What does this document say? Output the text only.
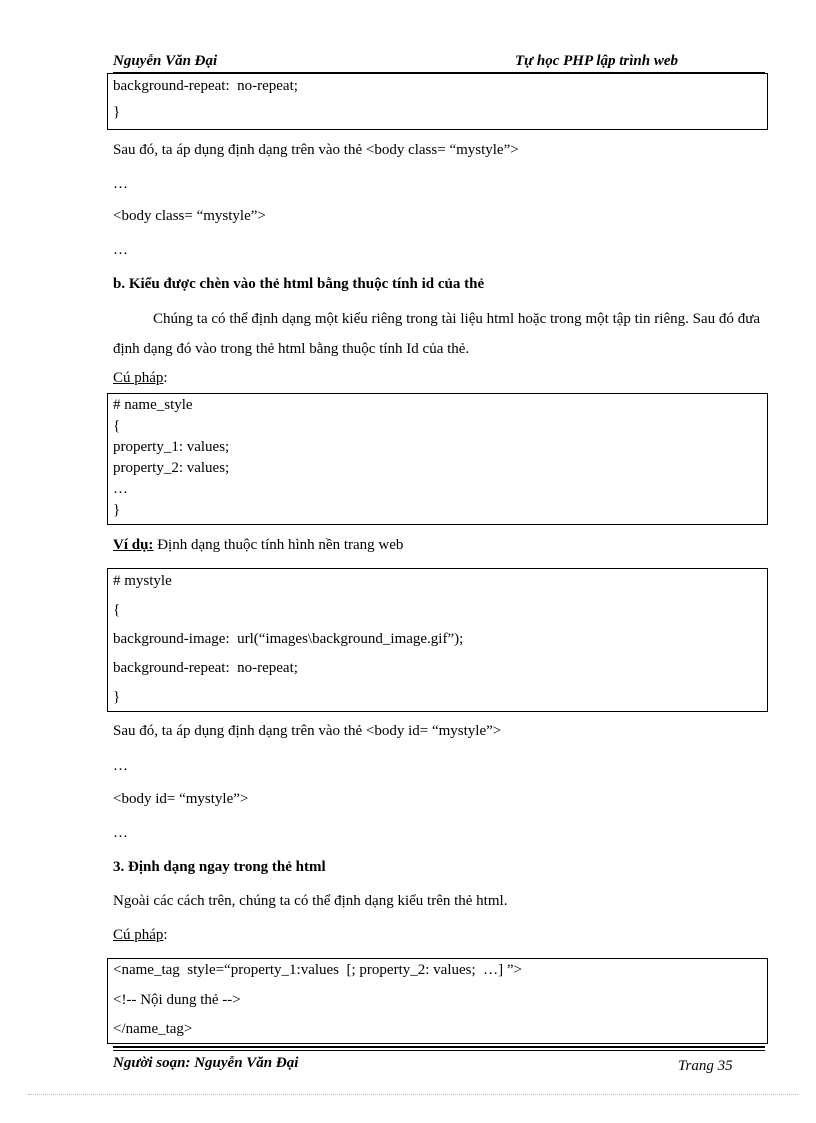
Nguyễn Văn Đại	Tự học PHP lập trình web
background-repeat:  no-repeat;
}
Sau đó, ta áp dụng định dạng trên vào thẻ <body class= “mystyle”>
…
<body class= “mystyle”>
…
b. Kiểu được chèn vào thẻ html bằng thuộc tính id của thẻ
Chúng ta có thể định dạng một kiểu riêng trong tài liệu html hoặc trong một tập tin riêng. Sau đó đưa định dạng đó vào trong thẻ html bằng thuộc tính Id của thẻ.
Cú pháp:
# name_style
{
property_1: values;
property_2: values;
…
}
Ví dụ: Định dạng thuộc tính hình nền trang web
# mystyle
{
background-image:  url(“images\background_image.gif”);
background-repeat:  no-repeat;
}
Sau đó, ta áp dụng định dạng trên vào thẻ <body id= “mystyle”>
…
<body id= “mystyle”>
…
3. Định dạng ngay trong thẻ html
Ngoài các cách trên, chúng ta có thể định dạng kiểu trên thẻ html.
Cú pháp:
<name_tag  style=“property_1:values  [; property_2: values;  …] ”>
<!-- Nội dung thẻ -->
</name_tag>
Người soạn: Nguyễn Văn Đại	Trang 35
